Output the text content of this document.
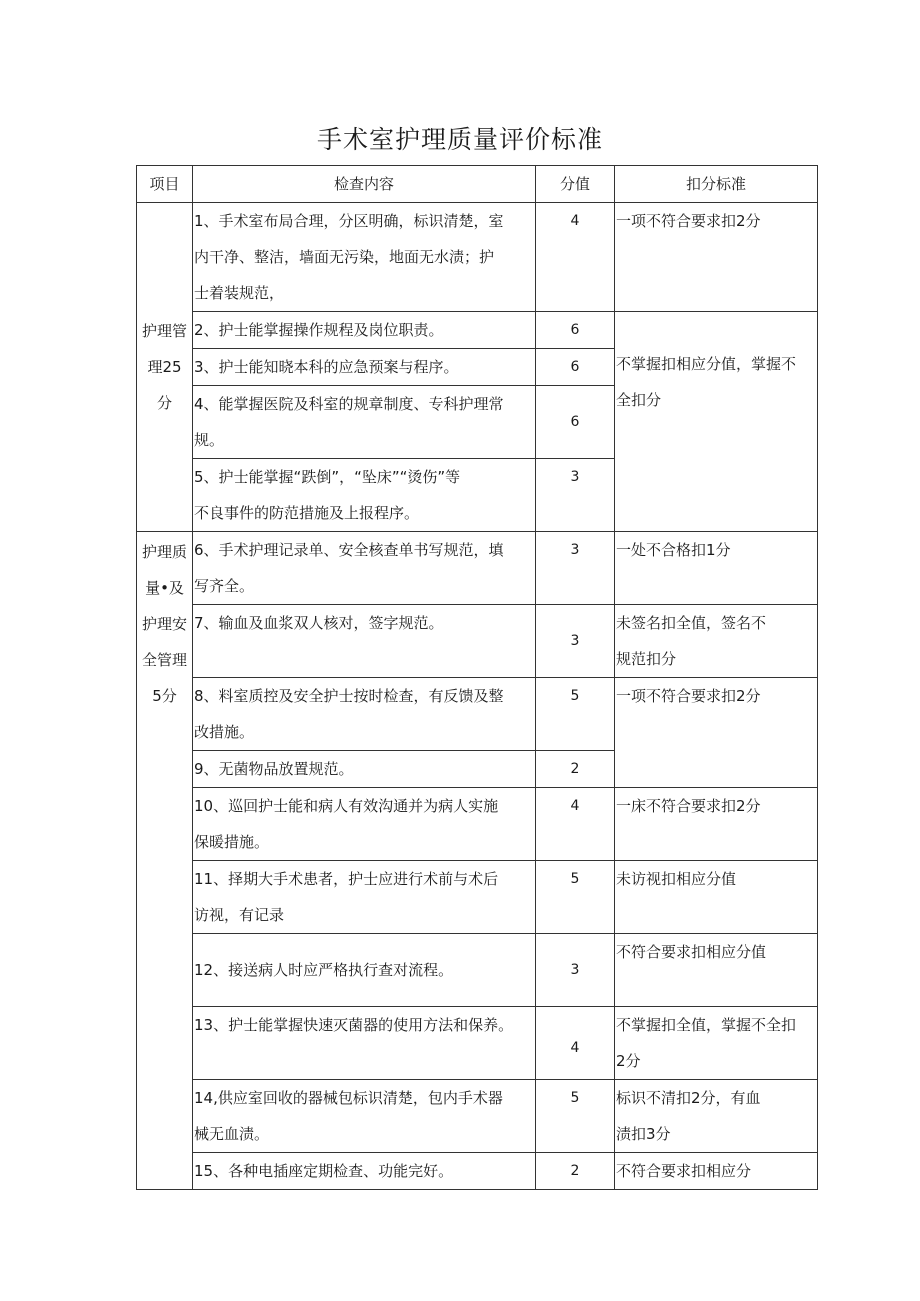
手术室护理质量评价标准
项目	检查内容	分值	扣分标准

护理管
理25
分	1、手术室布局合理，分区明确，标识清楚，室
内干净、整洁，墙面无污染，地面无水渍；护
士着装规范，	4	一项不符合要求扣2分

	2、护士能掌握操作规程及岗位职责。	6	不掌握扣相应分值，掌握不
全扣分

	3、护士能知晓本科的应急预案与程序。	6	

	4、能掌握医院及科室的规章制度、专科护理常
规。	6	

	5、护士能掌握“跌倒”，“坠床”“烫伤”等
不良事件的防范措施及上报程序。	3	

护理质
量•及
护理安
全管理
5分	6、手术护理记录单、安全核查单书写规范，填
写齐全。	3	一处不合格扣1分

	7、输血及血浆双人核对，签字规范。	3	未签名扣全值，签名不
规范扣分

	8、料室质控及安全护士按时检查，有反馈及整
改措施。	5	一项不符合要求扣2分

	9、无菌物品放置规范。	2	

	10、巡回护士能和病人有效沟通并为病人实施
保暖措施。	4	一床不符合要求扣2分

	11、择期大手术患者，护士应进行术前与术后
访视，有记录	5	未访视扣相应分值

	12、接送病人时应严格执行查对流程。	3	不符合要求扣相应分值

	13、护士能掌握快速灭菌器的使用方法和保养。	4	不掌握扣全值，掌握不全扣
2分

	14,供应室回收的器械包标识清楚，包内手术器
械无血渍。	5	标识不清扣2分，有血
渍扣3分

	15、各种电插座定期检查、功能完好。	2	不符合要求扣相应分
